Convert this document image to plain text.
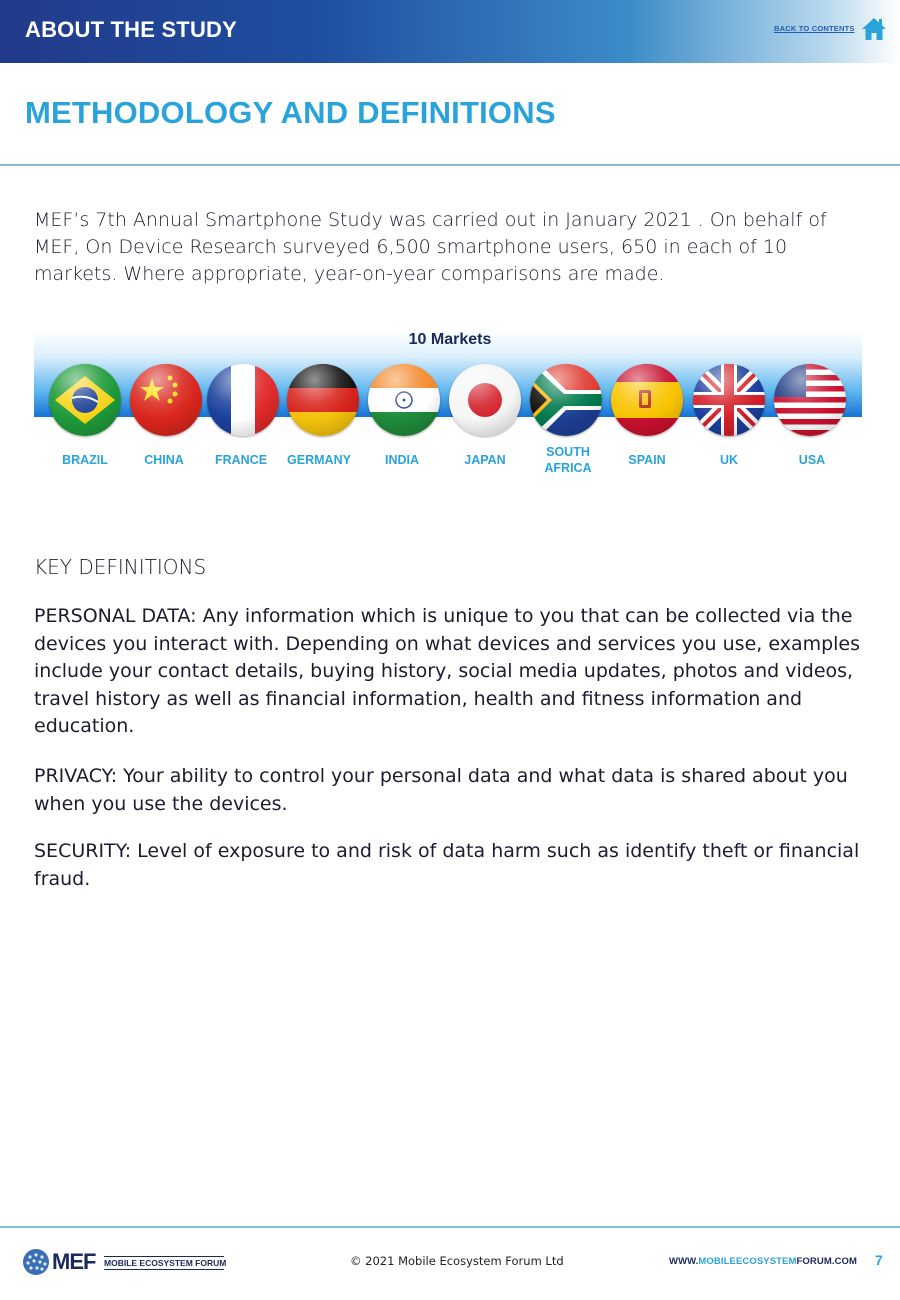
ABOUT THE STUDY	BACK TO CONTENTS
METHODOLOGY AND DEFINITIONS

MEF’s 7th Annual Smartphone Study was carried out in January 2021 . On behalf of MEF, On Device Research surveyed 6,500 smartphone users, 650 in each of 10 markets. Where appropriate, year-on-year comparisons are made.

10 Markets
BRAZIL	CHINA	FRANCE	GERMANY	INDIA	JAPAN
SOUTH
AFRICA
SPAIN	UK	USA
KEY DEFINITIONS

PERSONAL DATA: Any information which is unique to you that can be collected via the devices you interact with. Depending on what devices and services you use, examples include your contact details, buying history, social media updates, photos and videos, travel history as well as financial information, health and fitness information and education.

PRIVACY: Your ability to control your personal data and what data is shared about you when you use the devices.

SECURITY: Level of exposure to and risk of data harm such as identify theft or financial fraud.

MEF MOBILE ECOSYSTEM FORUM	© 2021 Mobile Ecosystem Forum Ltd	WWW.MOBILEECOSYSTEMFORUM.COM 7
